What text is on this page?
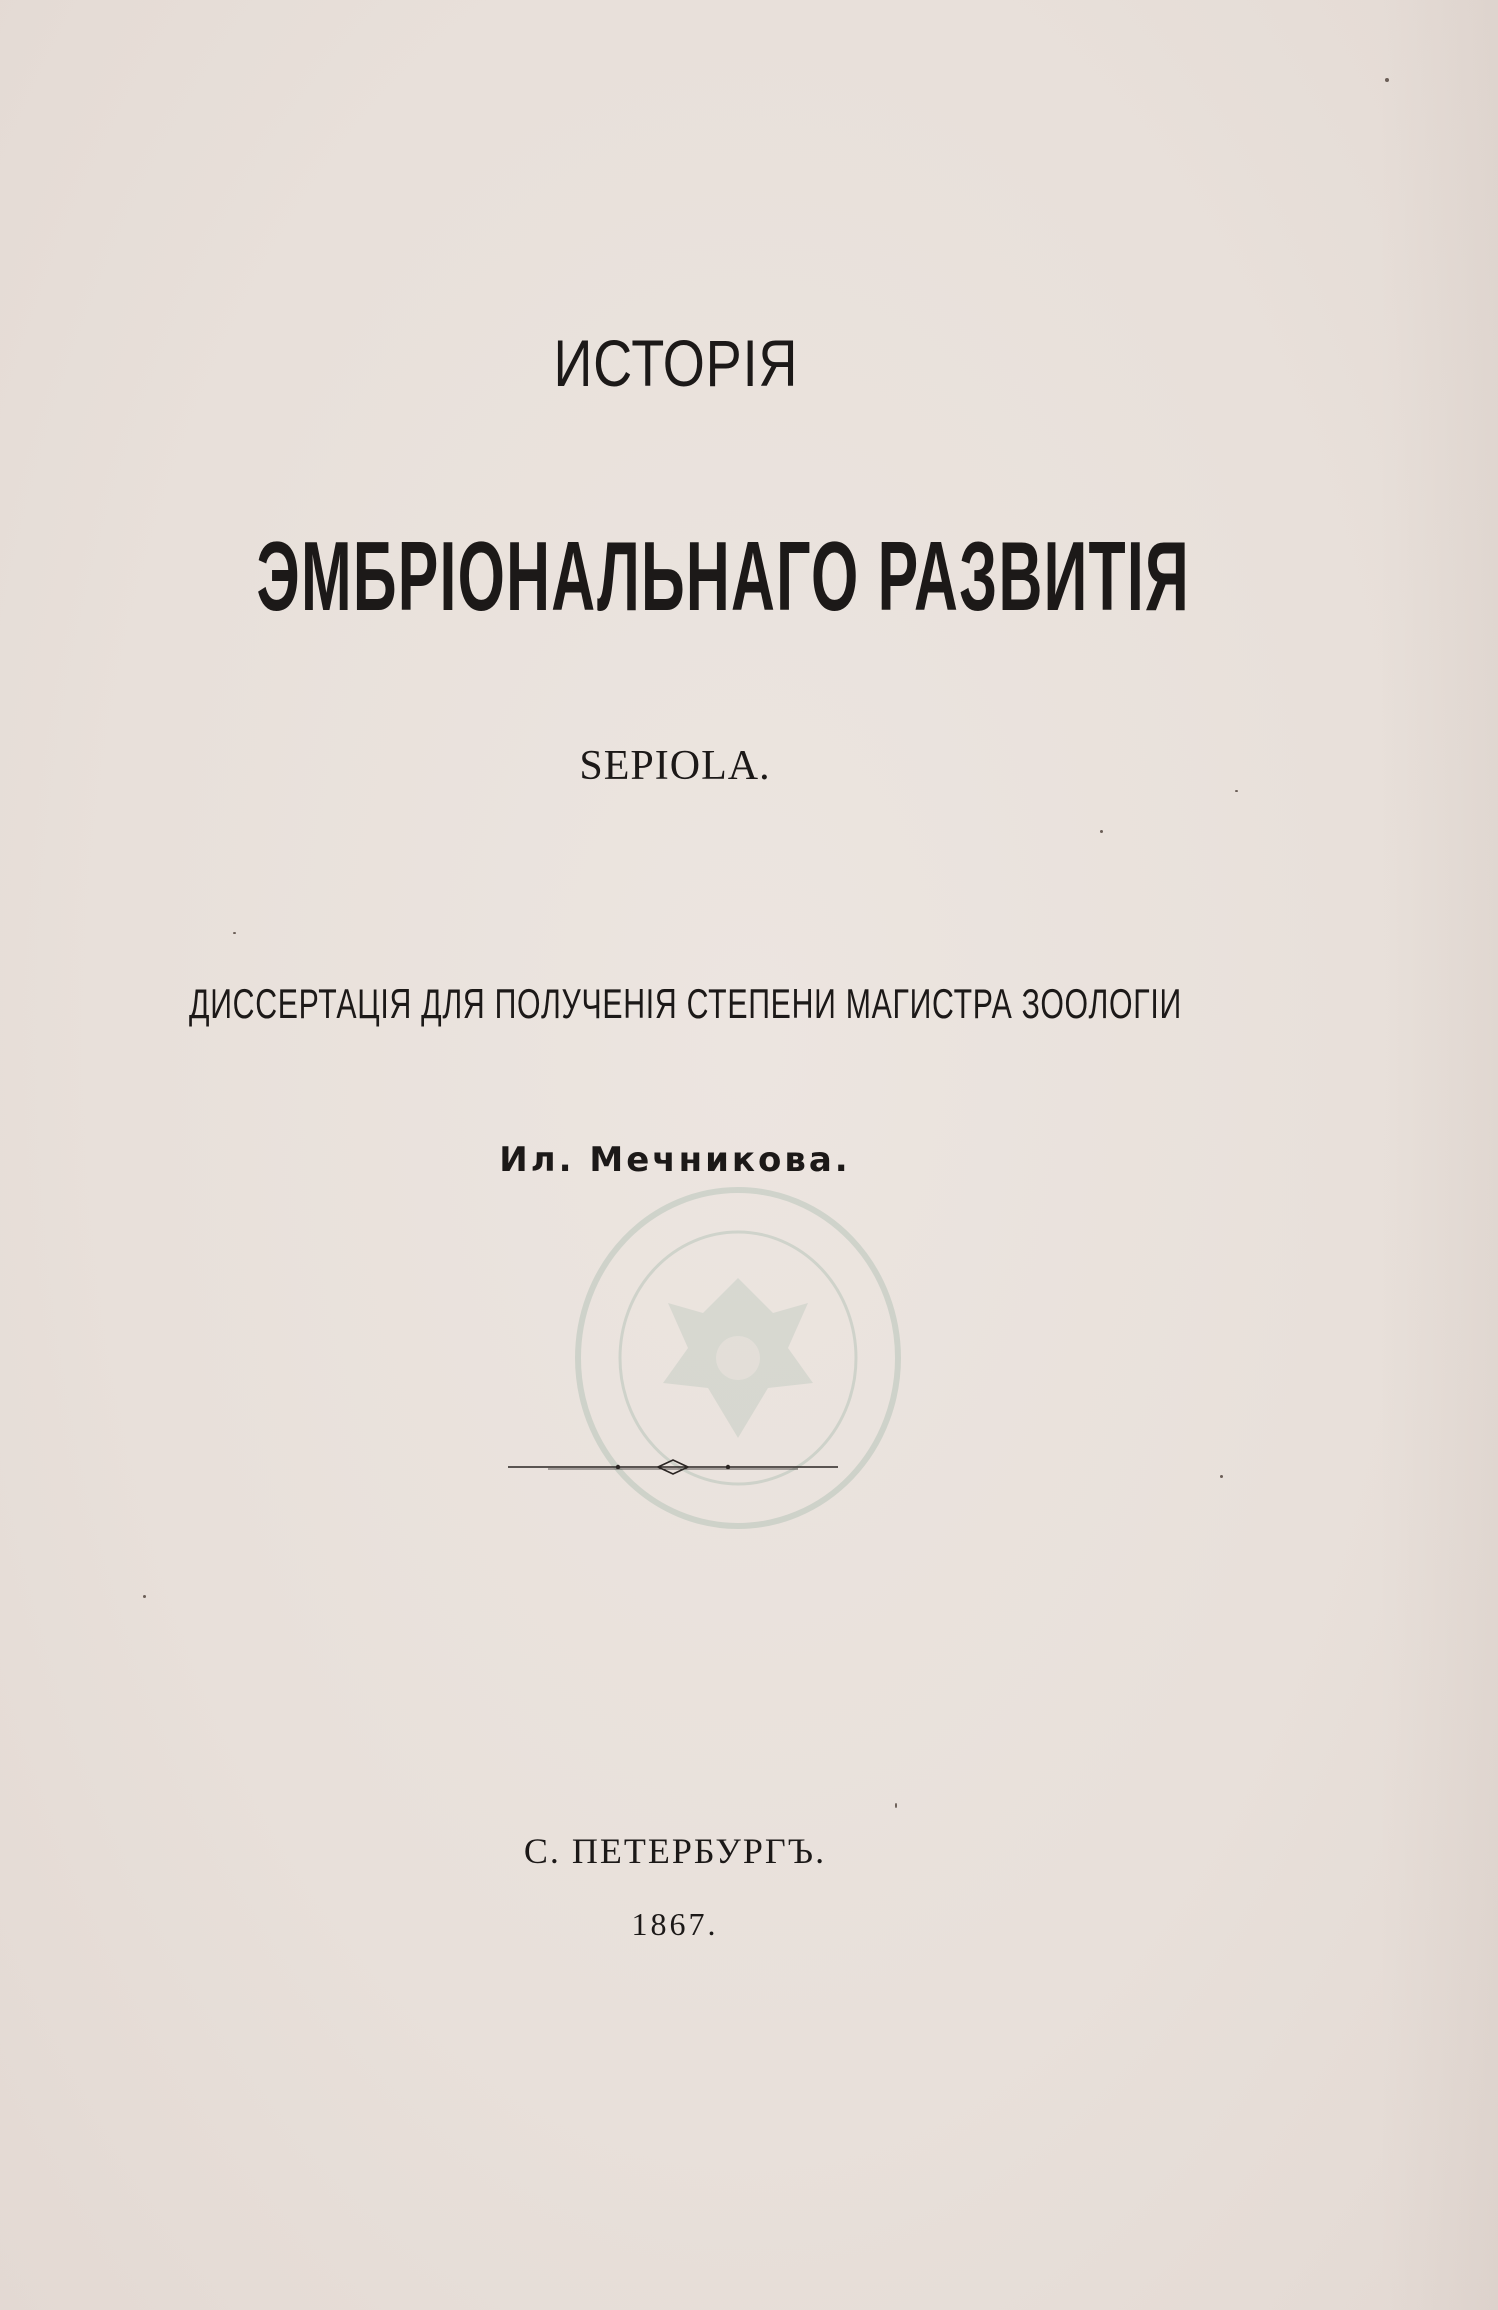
ИСТОРІЯ
ЭМБРІОНАЛЬНАГО РАЗВИТІЯ
SEPIOLA.
ДИССЕРТАЦІЯ ДЛЯ ПОЛУЧЕНІЯ СТЕПЕНИ МАГИСТРА ЗООЛОГІИ
Ил. Мечникова.
С. ПЕТЕРБУРГЪ.
1867.
